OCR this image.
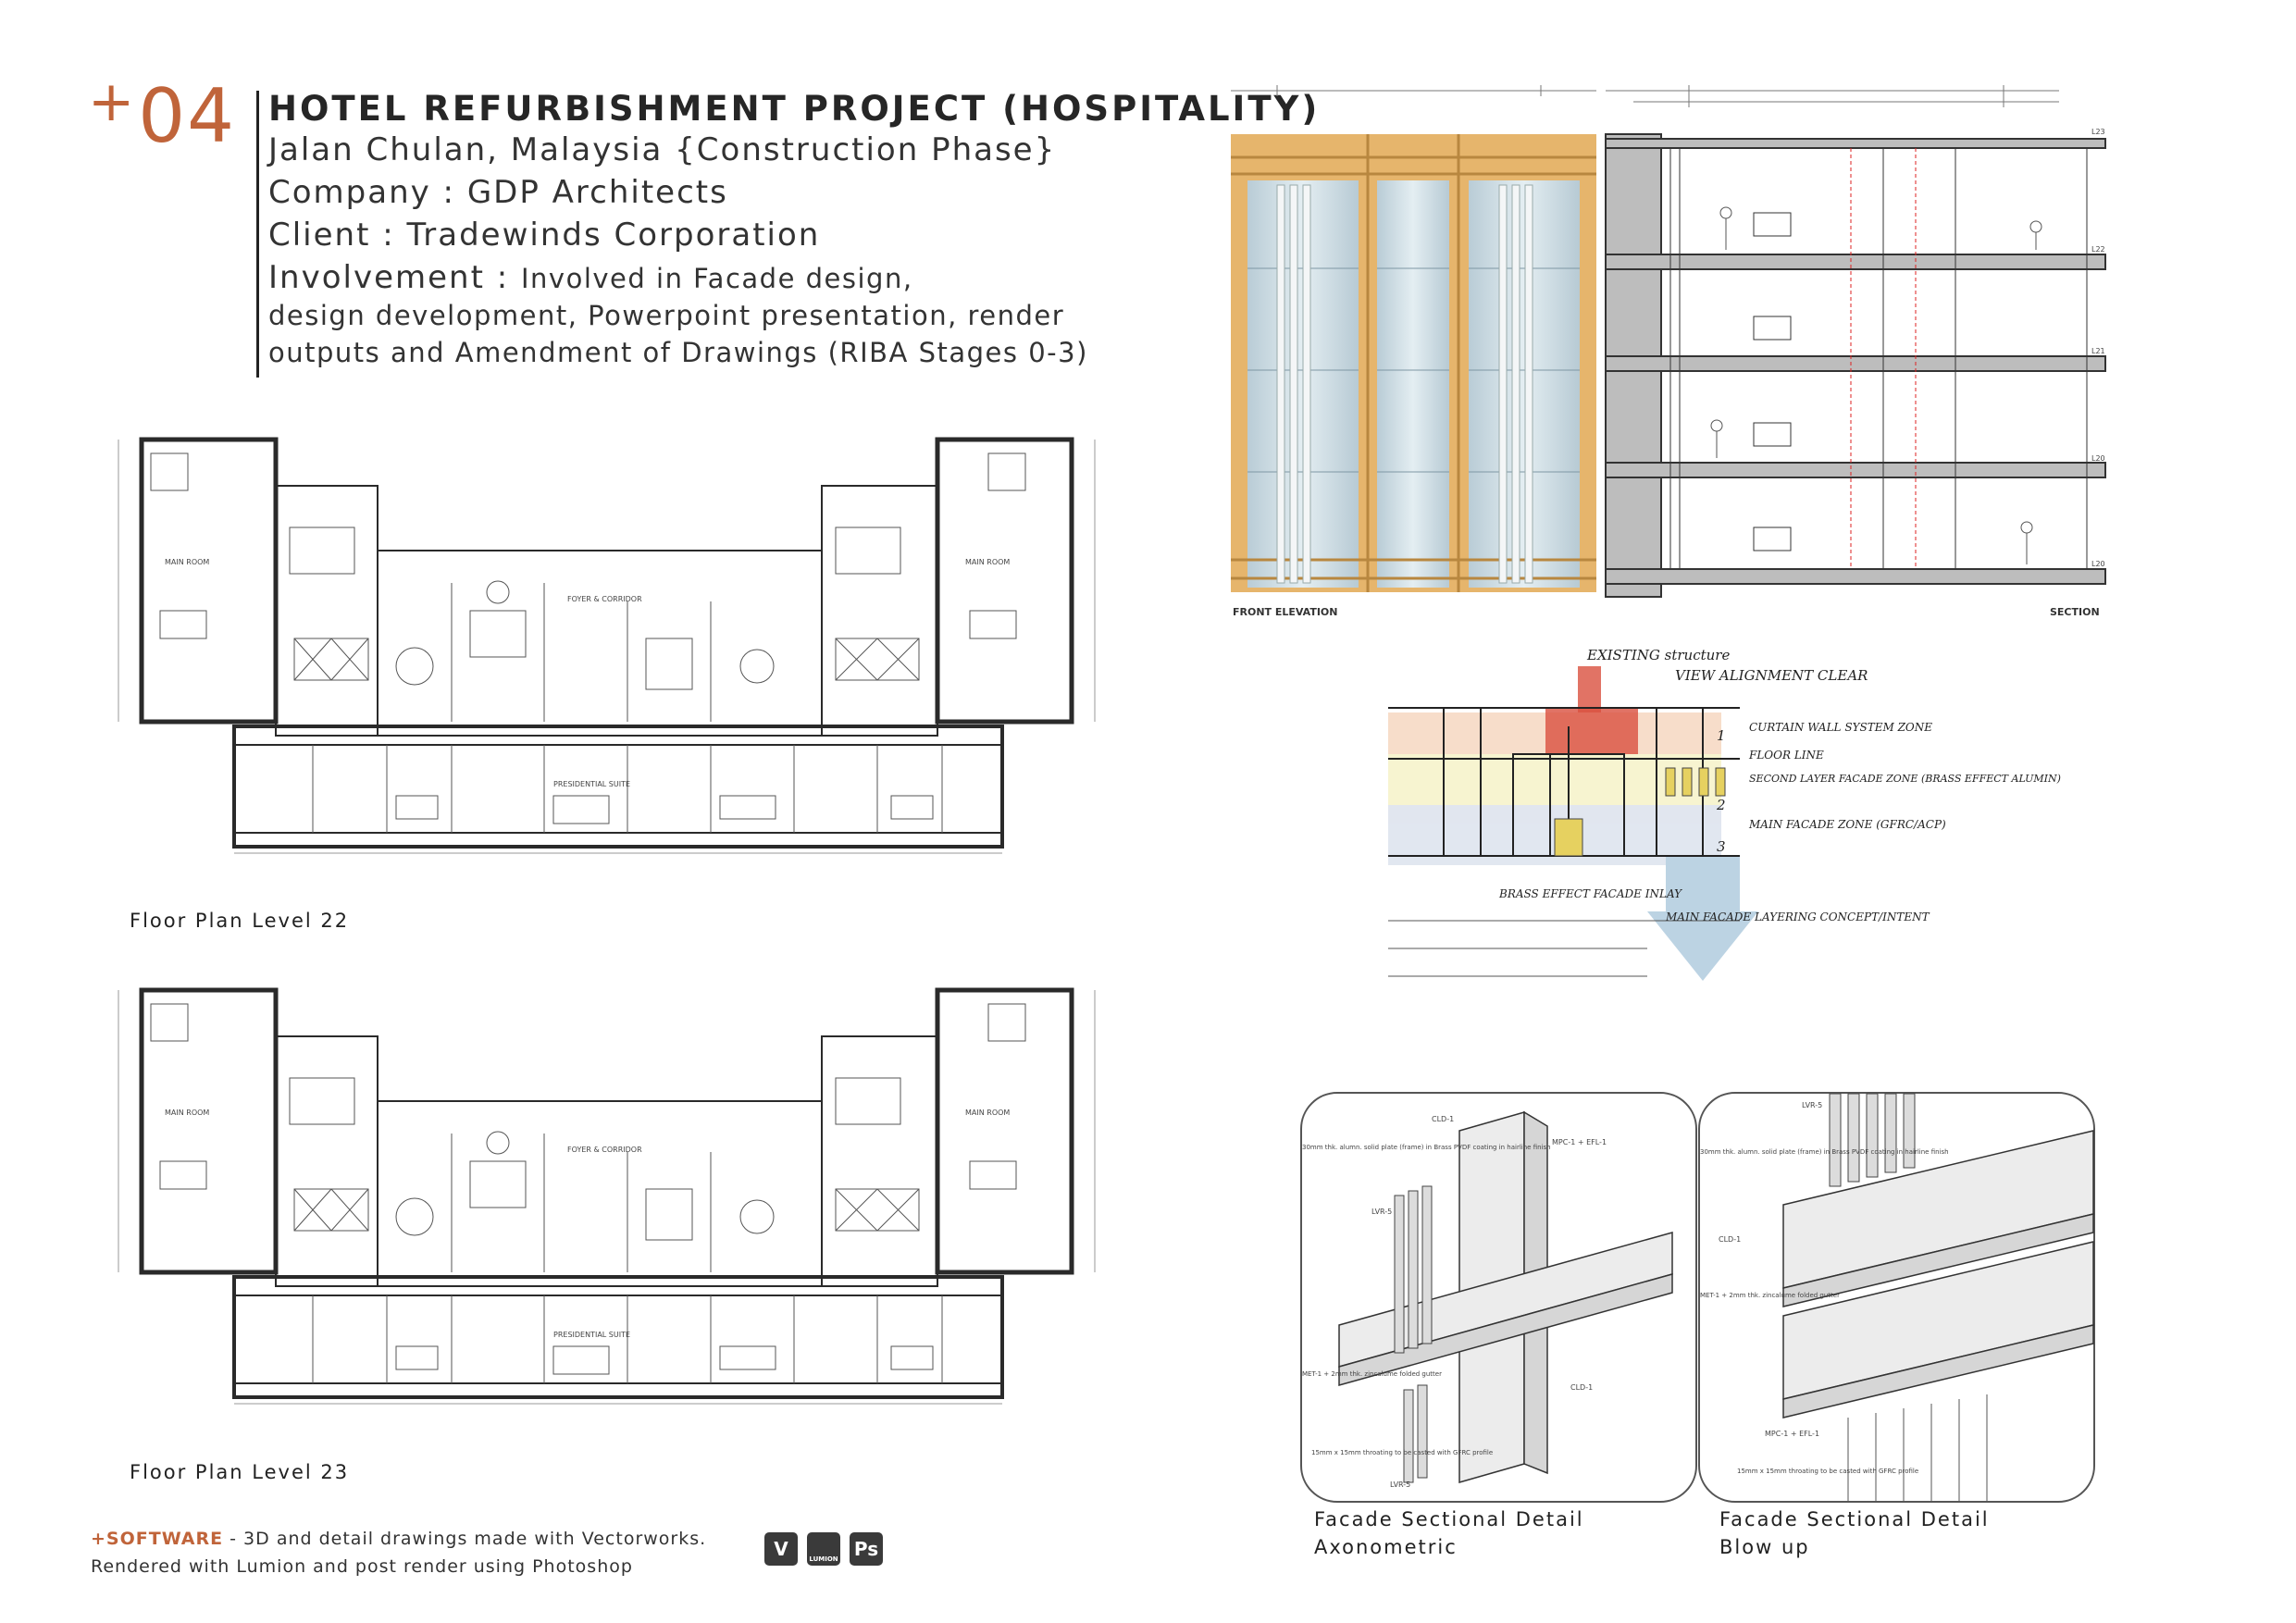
+04 HOTEL REFURBISHMENT PROJECT (HOSPITALITY)
Jalan Chulan, Malaysia {Construction Phase}
Company : GDP Architects
Client : Tradewinds Corporation
Involvement : Involved in Facade design,
design development, Powerpoint presentation, render
outputs and Amendment of Drawings (RIBA Stages 0-3)
MAIN ROOM	MAIN ROOM
PRESIDENTIAL SUITE
FOYER & CORRIDOR
Floor Plan Level 22
MAIN ROOM	MAIN ROOM
PRESIDENTIAL SUITE
FOYER & CORRIDOR
Floor Plan Level 23
FRONT ELEVATION
L23
L22
L21
L20
L20
SECTION
EXISTING structure
VIEW ALIGNMENT CLEAR
CURTAIN WALL SYSTEM ZONE
FLOOR LINE
SECOND LAYER FACADE ZONE (BRASS EFFECT ALUMIN)
MAIN FACADE ZONE (GFRC/ACP)
BRASS EFFECT FACADE INLAY
MAIN FACADE LAYERING CONCEPT/INTENT
1
2
3
CLD-1
30mm thk. alumn. solid plate (frame) in Brass PVDF coating in hairline finish
MPC-1 + EFL-1
LVR-5
MET-1 + 2mm thk. zincalume folded gutter
CLD-1
15mm x 15mm throating to be casted with GFRC profile
LVR-5
Facade Sectional Detail
Axonometric
LVR-5
30mm thk. alumn. solid plate (frame) in Brass PVDF coating in hairline finish
CLD-1
MET-1 + 2mm thk. zincalume folded gutter
MPC-1 + EFL-1
15mm x 15mm throating to be casted with GFRC profile
Facade Sectional Detail
Blow up
+SOFTWARE - 3D and detail drawings made with Vectorworks.
Rendered with Lumion and post render using Photoshop
V	LUMION Ps
